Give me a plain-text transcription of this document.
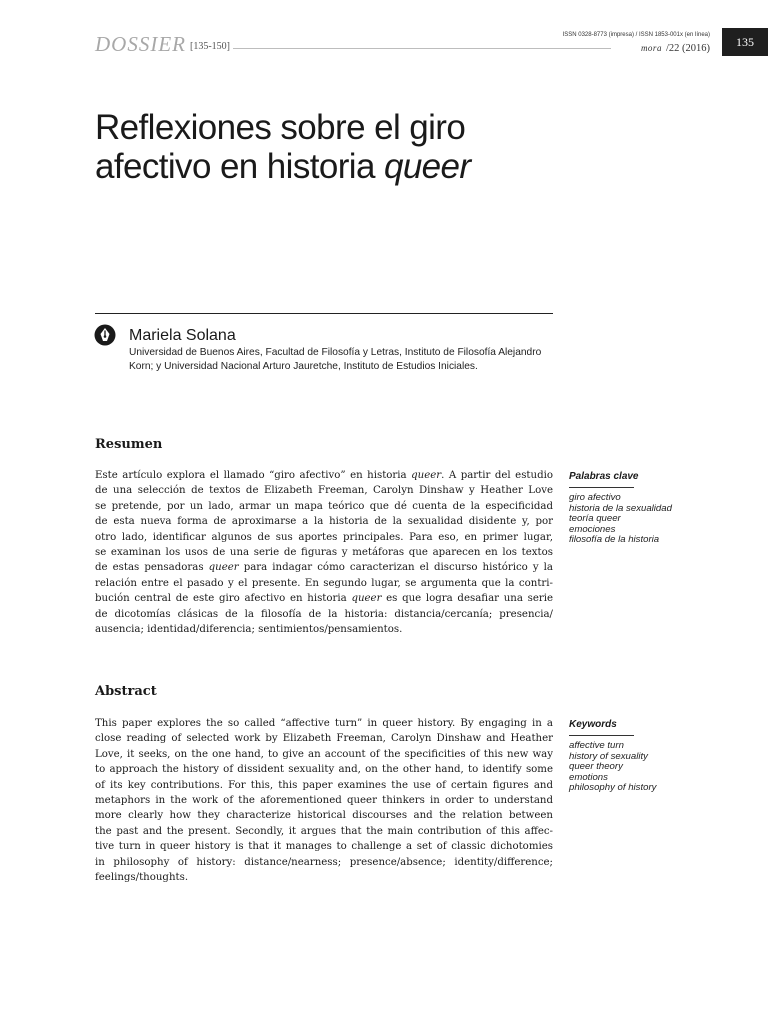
DOSSIER [135-150]
ISSN 0328-8773 (impresa) / ISSN 1853-001x (en línea)
mora /22 (2016) 135
Reflexiones sobre el giro
afectivo en historia queer
Mariela Solana
Universidad de Buenos Aires, Facultad de Filosofía y Letras, Instituto de Filosofía Alejandro
Korn; y Universidad Nacional Arturo Jauretche, Instituto de Estudios Iniciales.
Resumen
Este artículo explora el llamado “giro afectivo” en historia queer. A partir del estudio
de una selección de textos de Elizabeth Freeman, Carolyn Dinshaw y Heather Love
se pretende, por un lado, armar un mapa teórico que dé cuenta de la especificidad
de esta nueva forma de aproximarse a la historia de la sexualidad disidente y, por
otro lado, identificar algunos de sus aportes principales. Para eso, en primer lugar,
se examinan los usos de una serie de figuras y metáforas que aparecen en los textos
de estas pensadoras queer para indagar cómo caracterizan el discurso histórico y la
relación entre el pasado y el presente. En segundo lugar, se argumenta que la contri-
bución central de este giro afectivo en historia queer es que logra desafiar una serie
de dicotomías clásicas de la filosofía de la historia: distancia/cercanía; presencia/
ausencia; identidad/diferencia; sentimientos/pensamientos.
Palabras clave
giro afectivo
historia de la sexualidad
teoría queer
emociones
filosofía de la historia
Abstract
This paper explores the so called “affective turn” in queer history. By engaging in a
close reading of selected work by Elizabeth Freeman, Carolyn Dinshaw and Heather
Love, it seeks, on the one hand, to give an account of the specificities of this new way
to approach the history of dissident sexuality and, on the other hand, to identify some
of its key contributions. For this, this paper examines the use of certain figures and
metaphors in the work of the aforementioned queer thinkers in order to understand
more clearly how they characterize historical discourses and the relation between
the past and the present. Secondly, it argues that the main contribution of this affec-
tive turn in queer history is that it manages to challenge a set of classic dichotomies
in philosophy of history: distance/nearness; presence/absence; identity/difference;
feelings/thoughts.
Keywords
affective turn
history of sexuality
queer theory
emotions
philosophy of history
